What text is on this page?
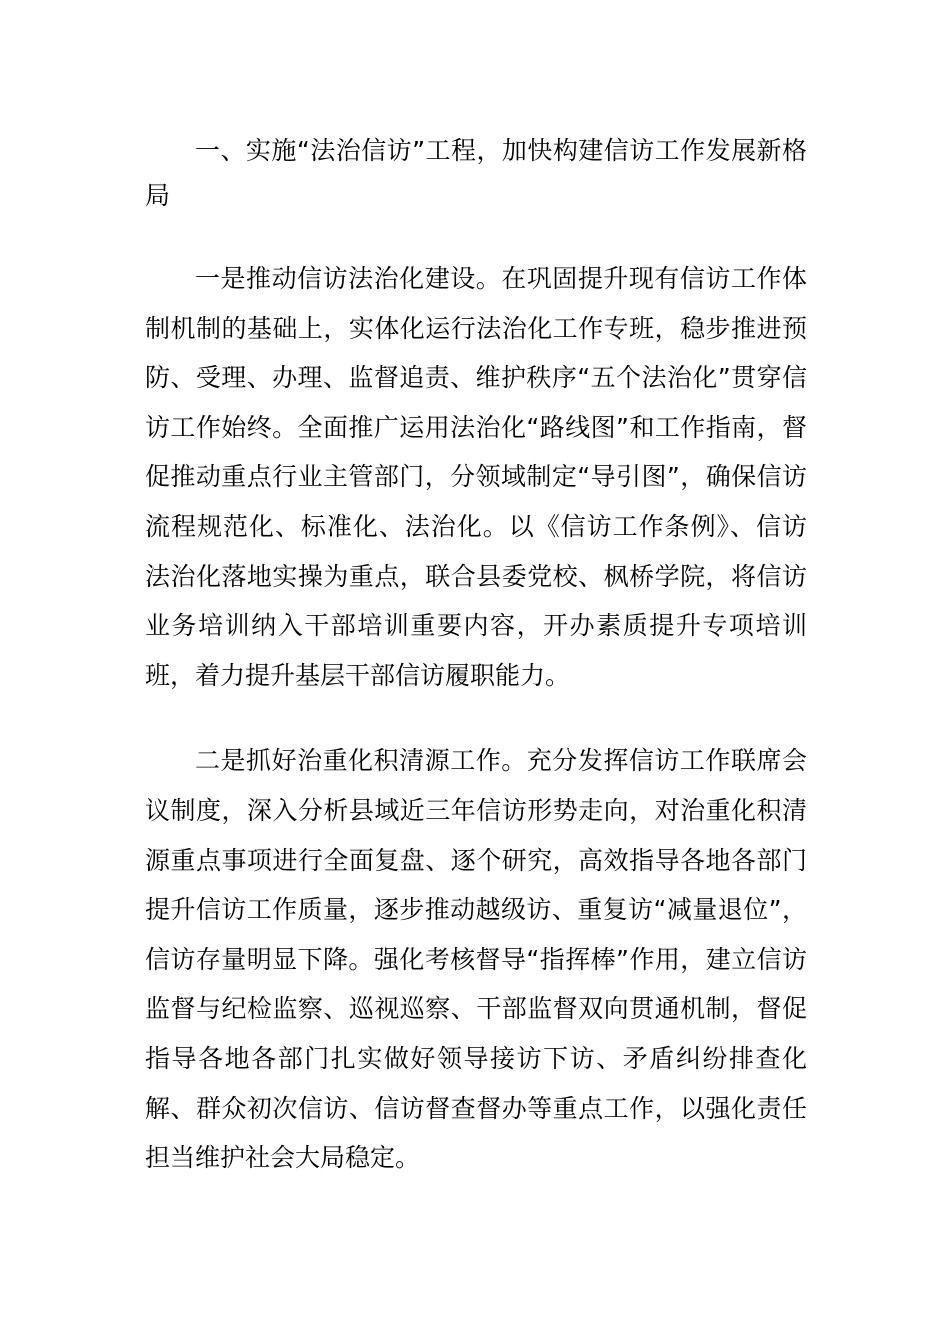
一、实施“法治信访”工程，加快构建信访工作发展新格局

一是推动信访法治化建设。在巩固提升现有信访工作体制机制的基础上，实体化运行法治化工作专班，稳步推进预防、受理、办理、监督追责、维护秩序“五个法治化”贯穿信访工作始终。全面推广运用法治化“路线图”和工作指南，督促推动重点行业主管部门，分领域制定“导引图”，确保信访流程规范化、标准化、法治化。以《信访工作条例》、信访法治化落地实操为重点，联合县委党校、枫桥学院，将信访业务培训纳入干部培训重要内容，开办素质提升专项培训班，着力提升基层干部信访履职能力。

二是抓好治重化积清源工作。充分发挥信访工作联席会议制度，深入分析县域近三年信访形势走向，对治重化积清源重点事项进行全面复盘、逐个研究，高效指导各地各部门提升信访工作质量，逐步推动越级访、重复访“减量退位”，信访存量明显下降。强化考核督导“指挥棒”作用，建立信访监督与纪检监察、巡视巡察、干部监督双向贯通机制，督促指导各地各部门扎实做好领导接访下访、矛盾纠纷排查化解、群众初次信访、信访督查督办等重点工作，以强化责任担当维护社会大局稳定。
